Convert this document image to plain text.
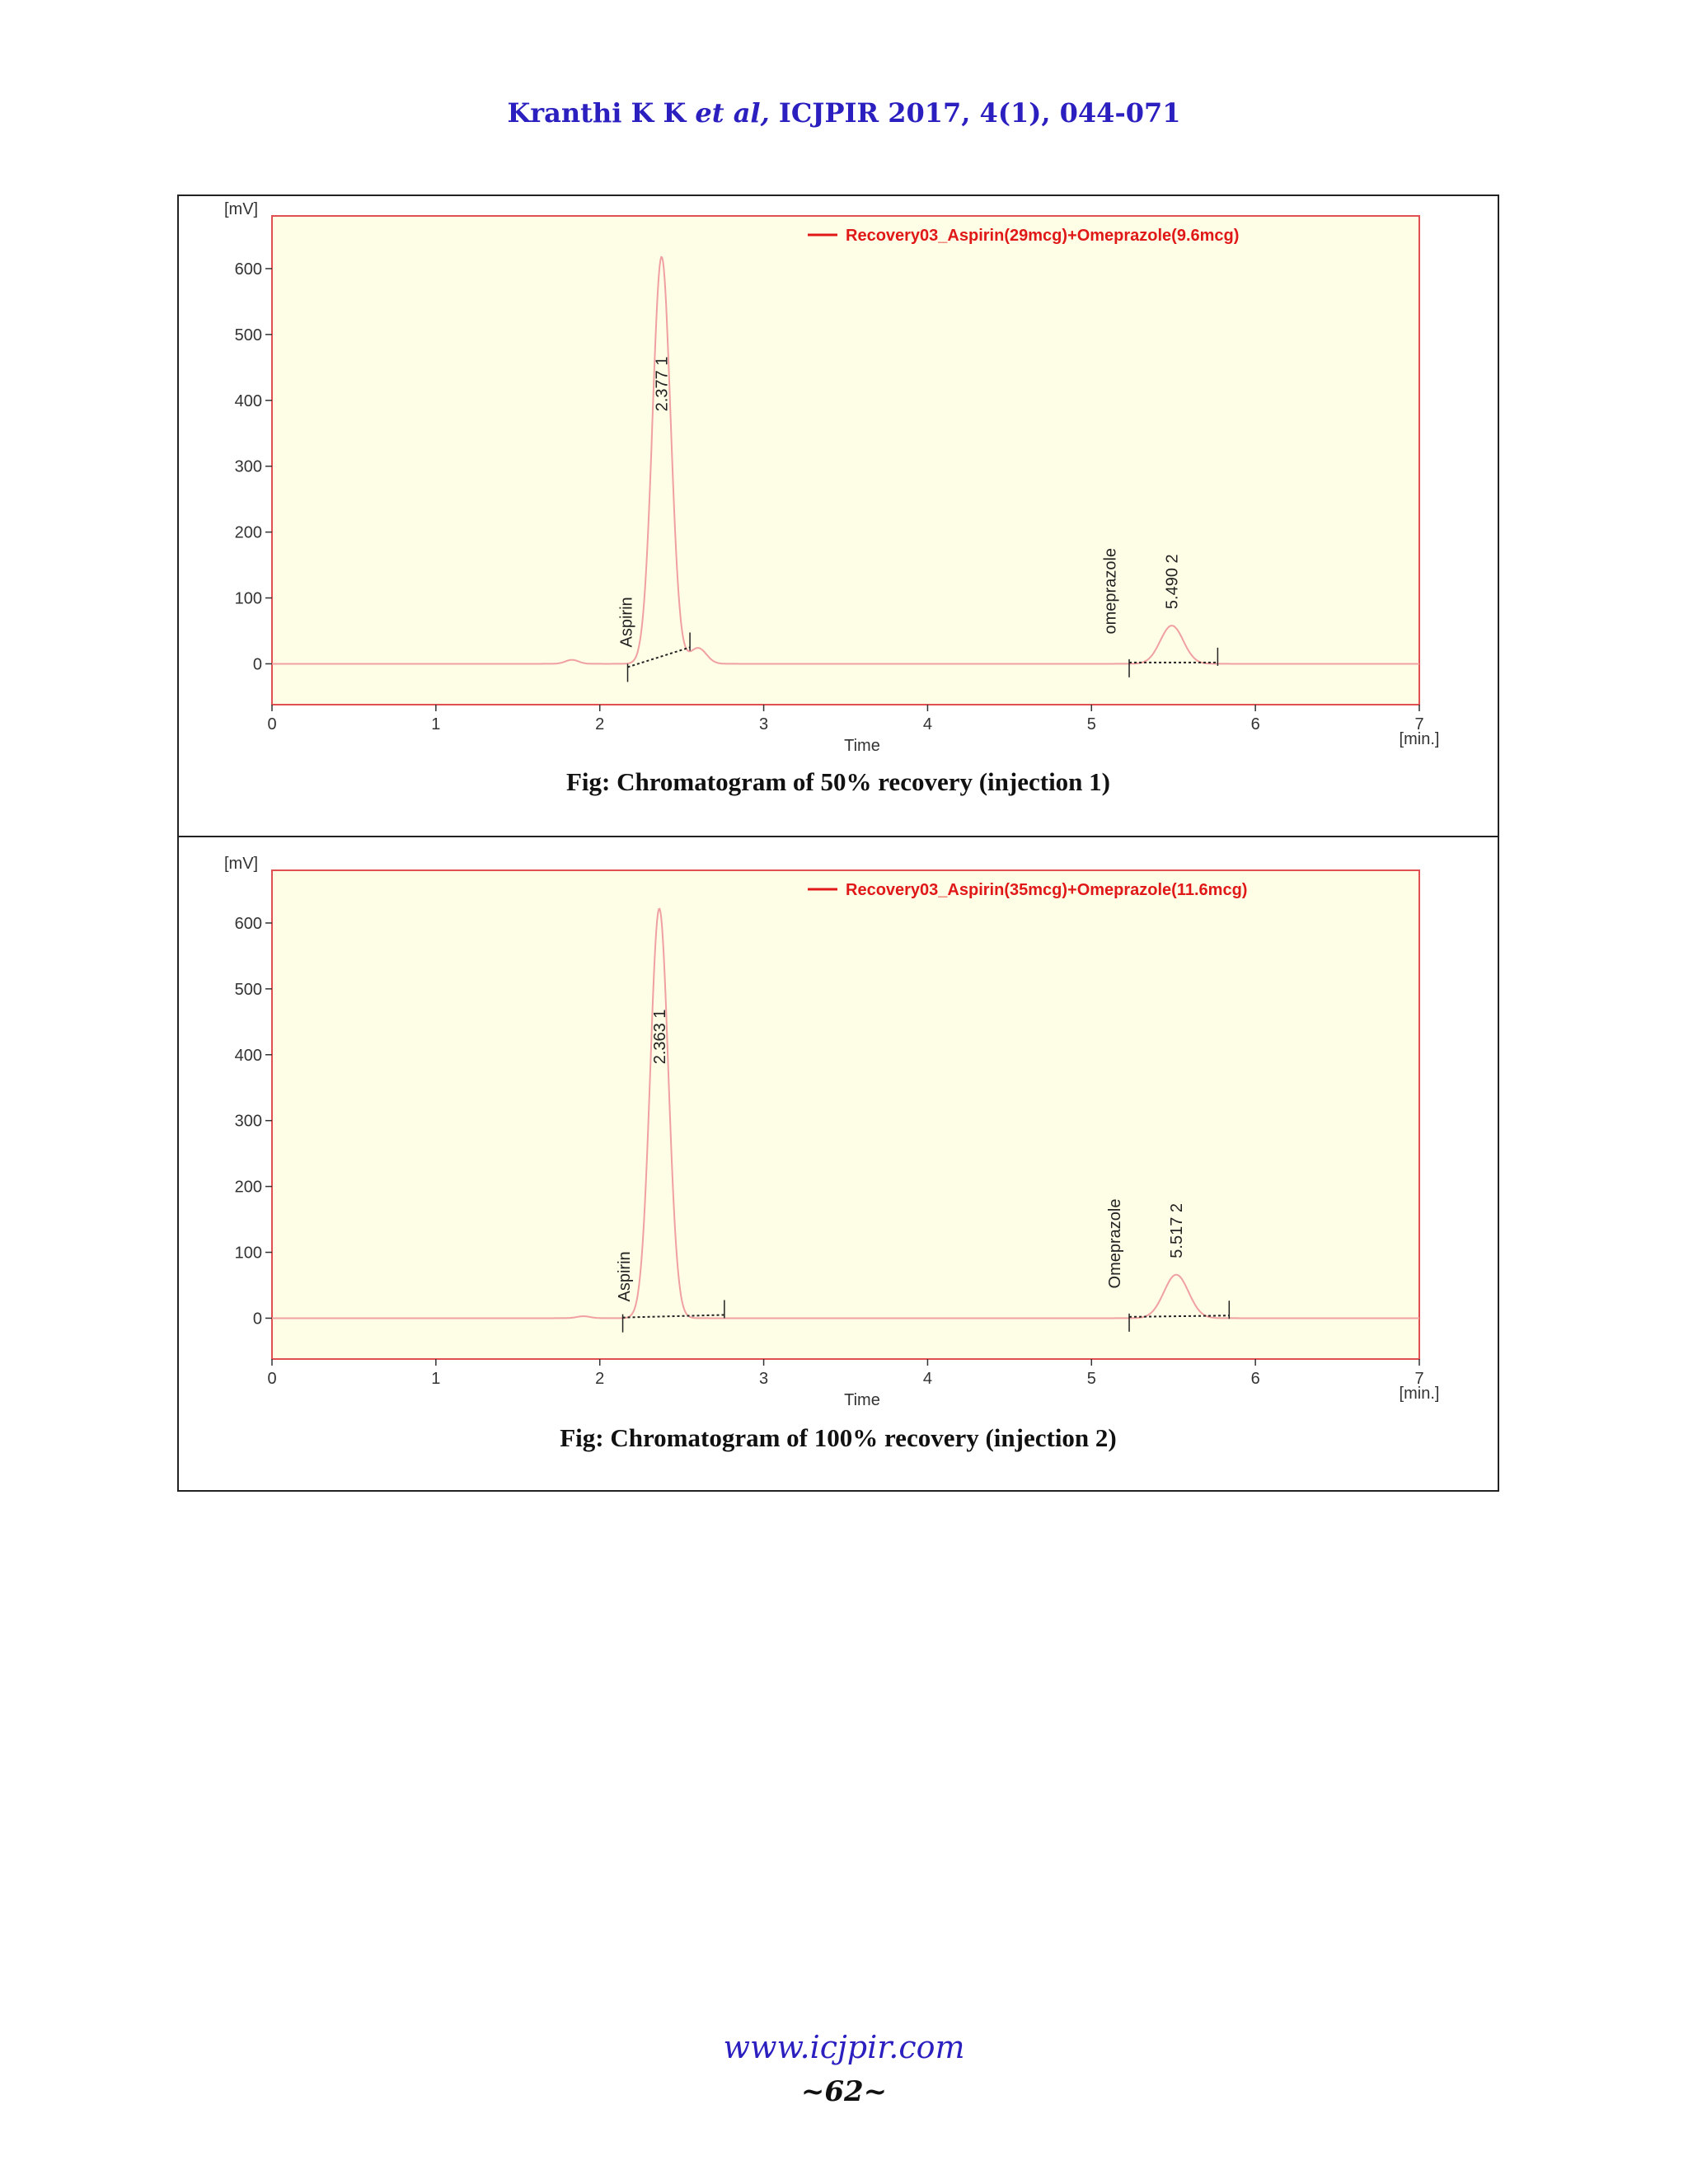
Kranthi K K et al, ICJPIR 2017, 4(1), 044-071
0
100
200
300
400
500
600
[mV]
0	1	2	3	4	5	6	7
Time	[min.]
2.377 1
Aspirin
5.490 2
omeprazole
Recovery03_Aspirin(29mcg)+Omeprazole(9.6mcg)
Fig: Chromatogram of 50% recovery (injection 1)
0
100
200
300
400
500
600
[mV]
0	1	2	3	4	5	6	7
Time	[min.]
2.363 1
Aspirin
5.517 2
Omeprazole
Recovery03_Aspirin(35mcg)+Omeprazole(11.6mcg)
Fig: Chromatogram of 100% recovery (injection 2)
www.icjpir.com
~62~
